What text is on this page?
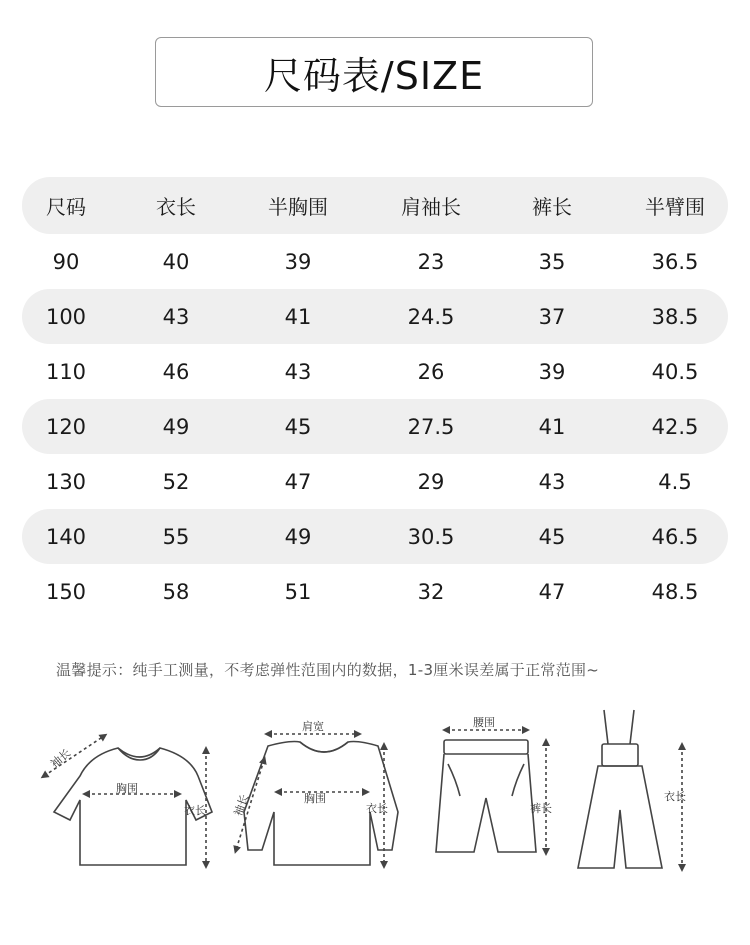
尺码表/SIZE
尺码	衣长	半胸围	肩袖长	裤长	半臂围
90	40	39	23	35	36.5
100	43	41	24.5	37	38.5
110	46	43	26	39	40.5
120	49	45	27.5	41	42.5
130	52	47	29	43	4.5
140	55	49	30.5	45	46.5
150	58	51	32	47	48.5
温馨提示：纯手工测量，不考虑弹性范围内的数据，1-3厘米误差属于正常范围~
胸围
衣长
袖长
肩宽
胸围
衣长
袖长
腰围
裤长
衣长
